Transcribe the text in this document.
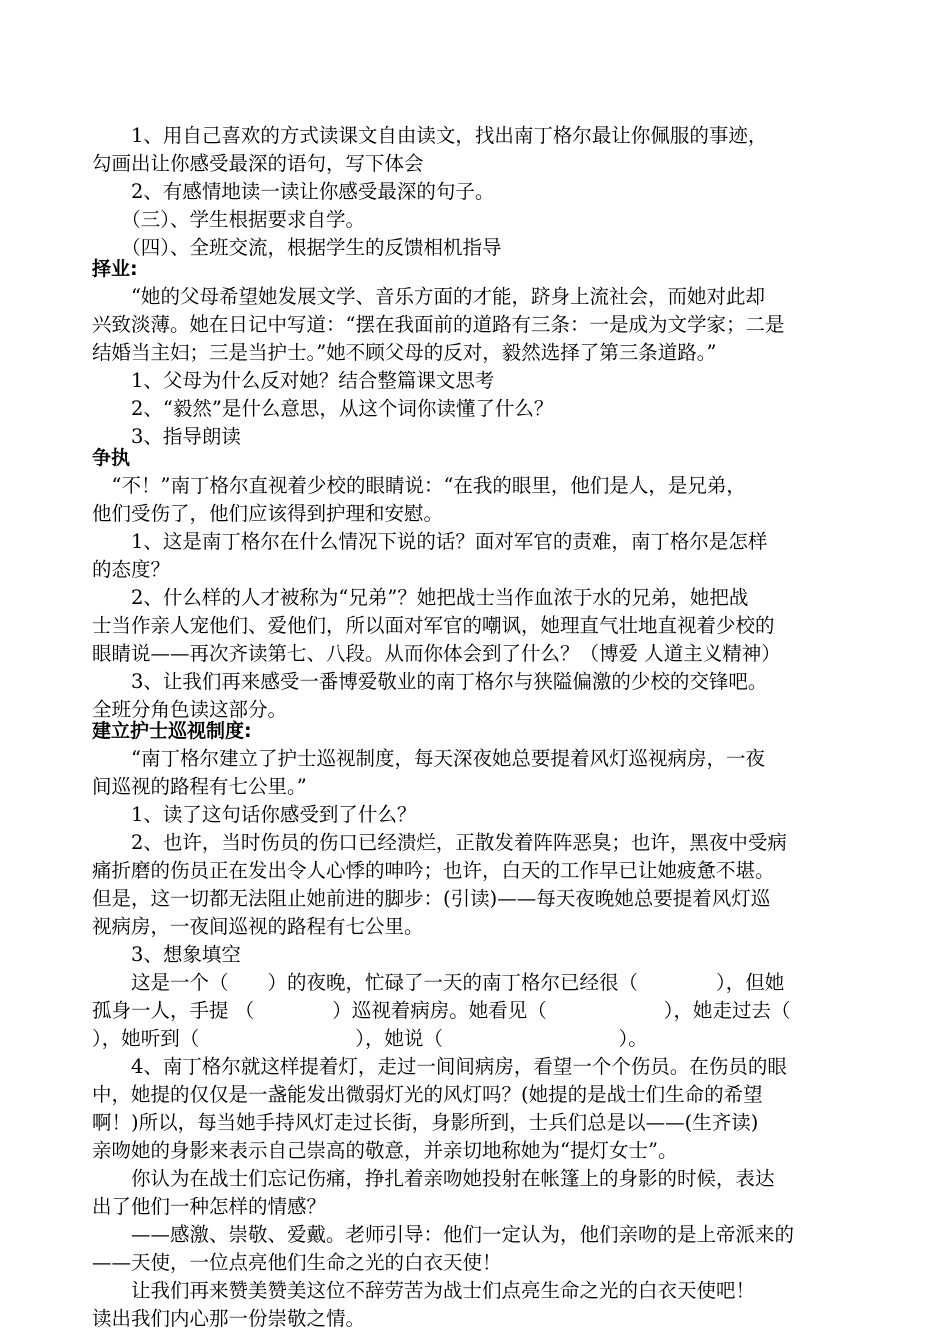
　　1、用自己喜欢的方式读课文自由读文，找出南丁格尔最让你佩服的事迹，
勾画出让你感受最深的语句，写下体会
　　2、有感情地读一读让你感受最深的句子。
　　（三）、学生根据要求自学。
　　（四）、全班交流，根据学生的反馈相机指导
择业:
　　“她的父母希望她发展文学、音乐方面的才能，跻身上流社会，而她对此却
兴致淡薄。她在日记中写道：“摆在我面前的道路有三条：一是成为文学家；二是
结婚当主妇；三是当护士。”她不顾父母的反对，毅然选择了第三条道路。”
　　1、父母为什么反对她？结合整篇课文思考
　　2、“毅然”是什么意思，从这个词你读懂了什么？
　　3、指导朗读
争执
　“不！”南丁格尔直视着少校的眼睛说：“在我的眼里，他们是人，是兄弟，
他们受伤了，他们应该得到护理和安慰。
　　1、这是南丁格尔在什么情况下说的话？面对军官的责难，南丁格尔是怎样
的态度？
　　2、什么样的人才被称为“兄弟”？她把战士当作血浓于水的兄弟，她把战
士当作亲人宠他们、爱他们，所以面对军官的嘲讽，她理直气壮地直视着少校的
眼睛说——再次齐读第七、八段。从而你体会到了什么？（博爱 人道主义精神）
　　3、让我们再来感受一番博爱敬业的南丁格尔与狭隘偏激的少校的交锋吧。
全班分角色读这部分。
建立护士巡视制度:
　　“南丁格尔建立了护士巡视制度，每天深夜她总要提着风灯巡视病房，一夜
间巡视的路程有七公里。”
　　1、读了这句话你感受到了什么？
　　2、也许，当时伤员的伤口已经溃烂，正散发着阵阵恶臭；也许，黑夜中受病
痛折磨的伤员正在发出令人心悸的呻吟；也许，白天的工作早已让她疲惫不堪。
但是，这一切都无法阻止她前进的脚步：(引读)——每天夜晚她总要提着风灯巡
视病房，一夜间巡视的路程有七公里。
　　3、想象填空
　　这是一个（　　）的夜晚，忙碌了一天的南丁格尔已经很（　　　　），但她
孤身一人，手提 （　　　　）巡视着病房。她看见（　　　　　　），她走过去（
），她听到（　　　　　　　　），她说（　　　　　　　　　）。
　　4、南丁格尔就这样提着灯，走过一间间病房，看望一个个伤员。在伤员的眼
中，她提的仅仅是一盏能发出微弱灯光的风灯吗？(她提的是战士们生命的希望
啊！)所以，每当她手持风灯走过长街，身影所到，士兵们总是以——(生齐读)
亲吻她的身影来表示自己崇高的敬意，并亲切地称她为“提灯女士”。
　　你认为在战士们忘记伤痛，挣扎着亲吻她投射在帐篷上的身影的时候，表达
出了他们一种怎样的情感？
　　——感激、崇敬、爱戴。老师引导：他们一定认为，他们亲吻的是上帝派来的
——天使，一位点亮他们生命之光的白衣天使！
　　让我们再来赞美赞美这位不辞劳苦为战士们点亮生命之光的白衣天使吧！
读出我们内心那一份崇敬之情。
